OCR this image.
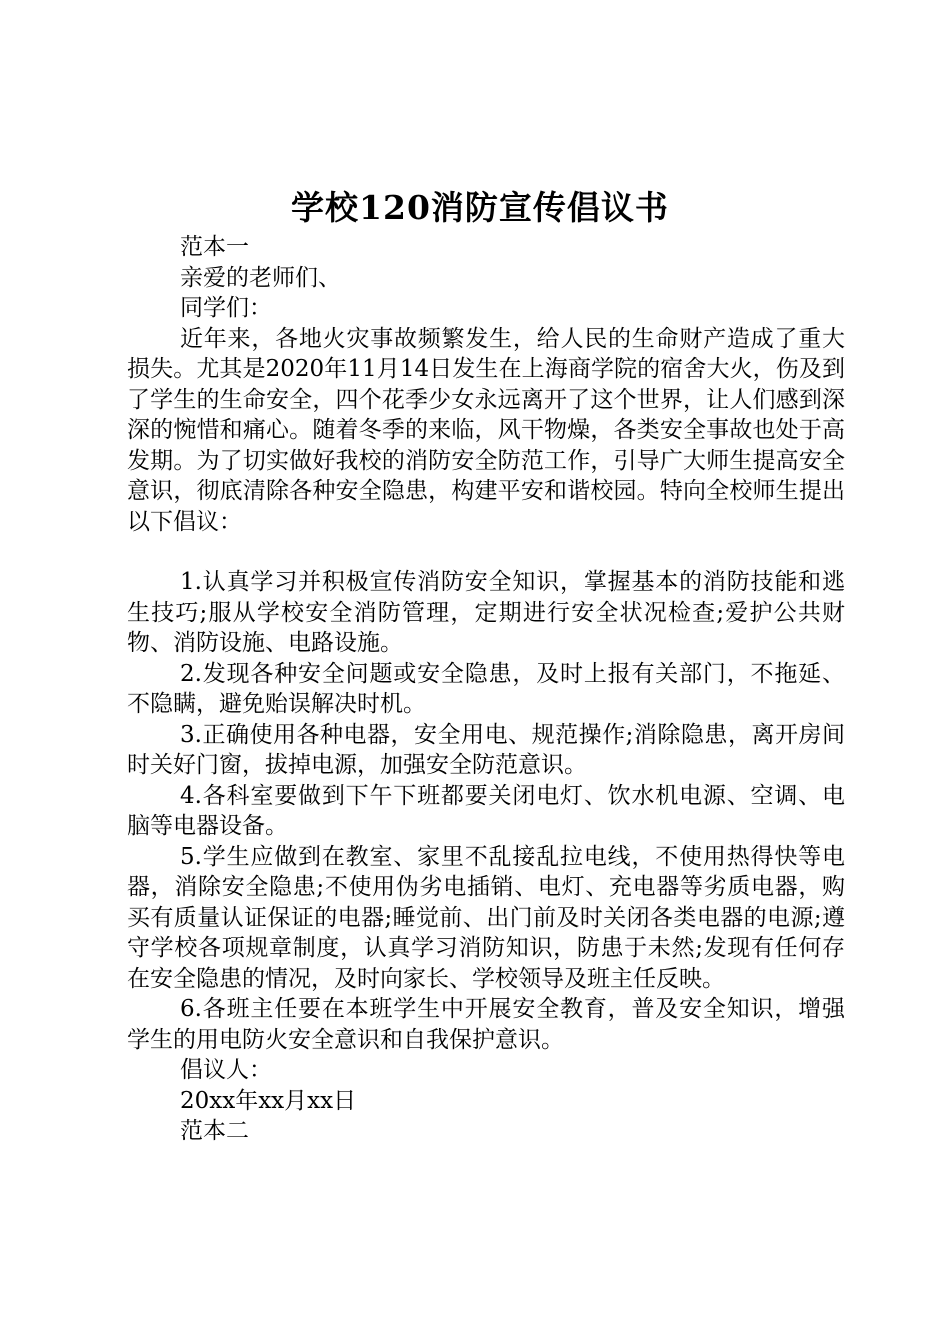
学校120消防宣传倡议书

范本一

亲爱的老师们、

同学们：

近年来，各地火灾事故频繁发生，给人民的生命财产造成了重大损失。尤其是2020年11月14日发生在上海商学院的宿舍大火，伤及到了学生的生命安全，四个花季少女永远离开了这个世界，让人们感到深深的惋惜和痛心。随着冬季的来临，风干物燥，各类安全事故也处于高发期。为了切实做好我校的消防安全防范工作，引导广大师生提高安全意识，彻底清除各种安全隐患，构建平安和谐校园。特向全校师生提出以下倡议：

1.认真学习并积极宣传消防安全知识，掌握基本的消防技能和逃生技巧;服从学校安全消防管理，定期进行安全状况检查;爱护公共财物、消防设施、电路设施。

2.发现各种安全问题或安全隐患，及时上报有关部门，不拖延、不隐瞒，避免贻误解决时机。

3.正确使用各种电器，安全用电、规范操作;消除隐患，离开房间时关好门窗，拔掉电源，加强安全防范意识。

4.各科室要做到下午下班都要关闭电灯、饮水机电源、空调、电脑等电器设备。

5.学生应做到在教室、家里不乱接乱拉电线，不使用热得快等电器，消除安全隐患;不使用伪劣电插销、电灯、充电器等劣质电器，购买有质量认证保证的电器;睡觉前、出门前及时关闭各类电器的电源;遵守学校各项规章制度，认真学习消防知识，防患于未然;发现有任何存在安全隐患的情况，及时向家长、学校领导及班主任反映。

6.各班主任要在本班学生中开展安全教育，普及安全知识，增强学生的用电防火安全意识和自我保护意识。

倡议人：

20xx年xx月xx日

范本二
